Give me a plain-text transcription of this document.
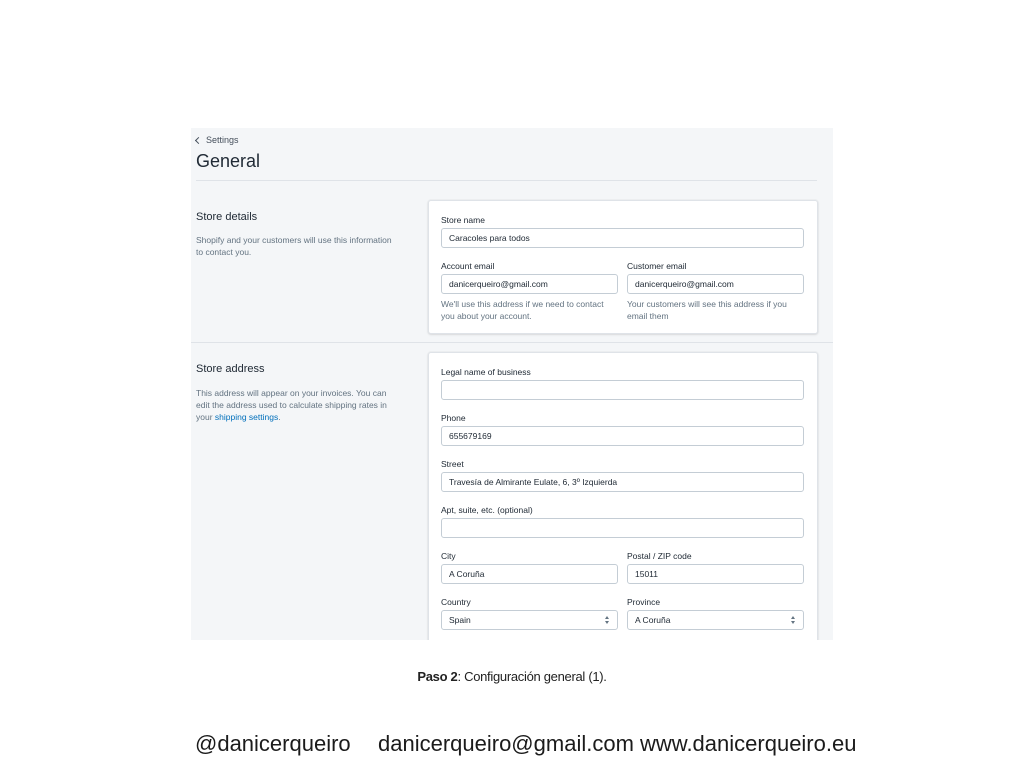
Settings
General
Store details
Shopify and your customers will use this information to contact you.
Store name
Caracoles para todos
Account email
danicerqueiro@gmail.com
We'll use this address if we need to contact you about your account.
Customer email
danicerqueiro@gmail.com
Your customers will see this address if you email them
Store address
This address will appear on your invoices. You can edit the address used to calculate shipping rates in your shipping settings.
Legal name of business
Phone
655679169
Street
Travesía de Almirante Eulate, 6, 3º Izquierda
Apt, suite, etc. (optional)
City
A Coruña
Postal / ZIP code
15011
Country
Spain
Province
A Coruña
Paso 2: Configuración general (1).
@danicerqueiro danicerqueiro@gmail.com www.danicerqueiro.eu
